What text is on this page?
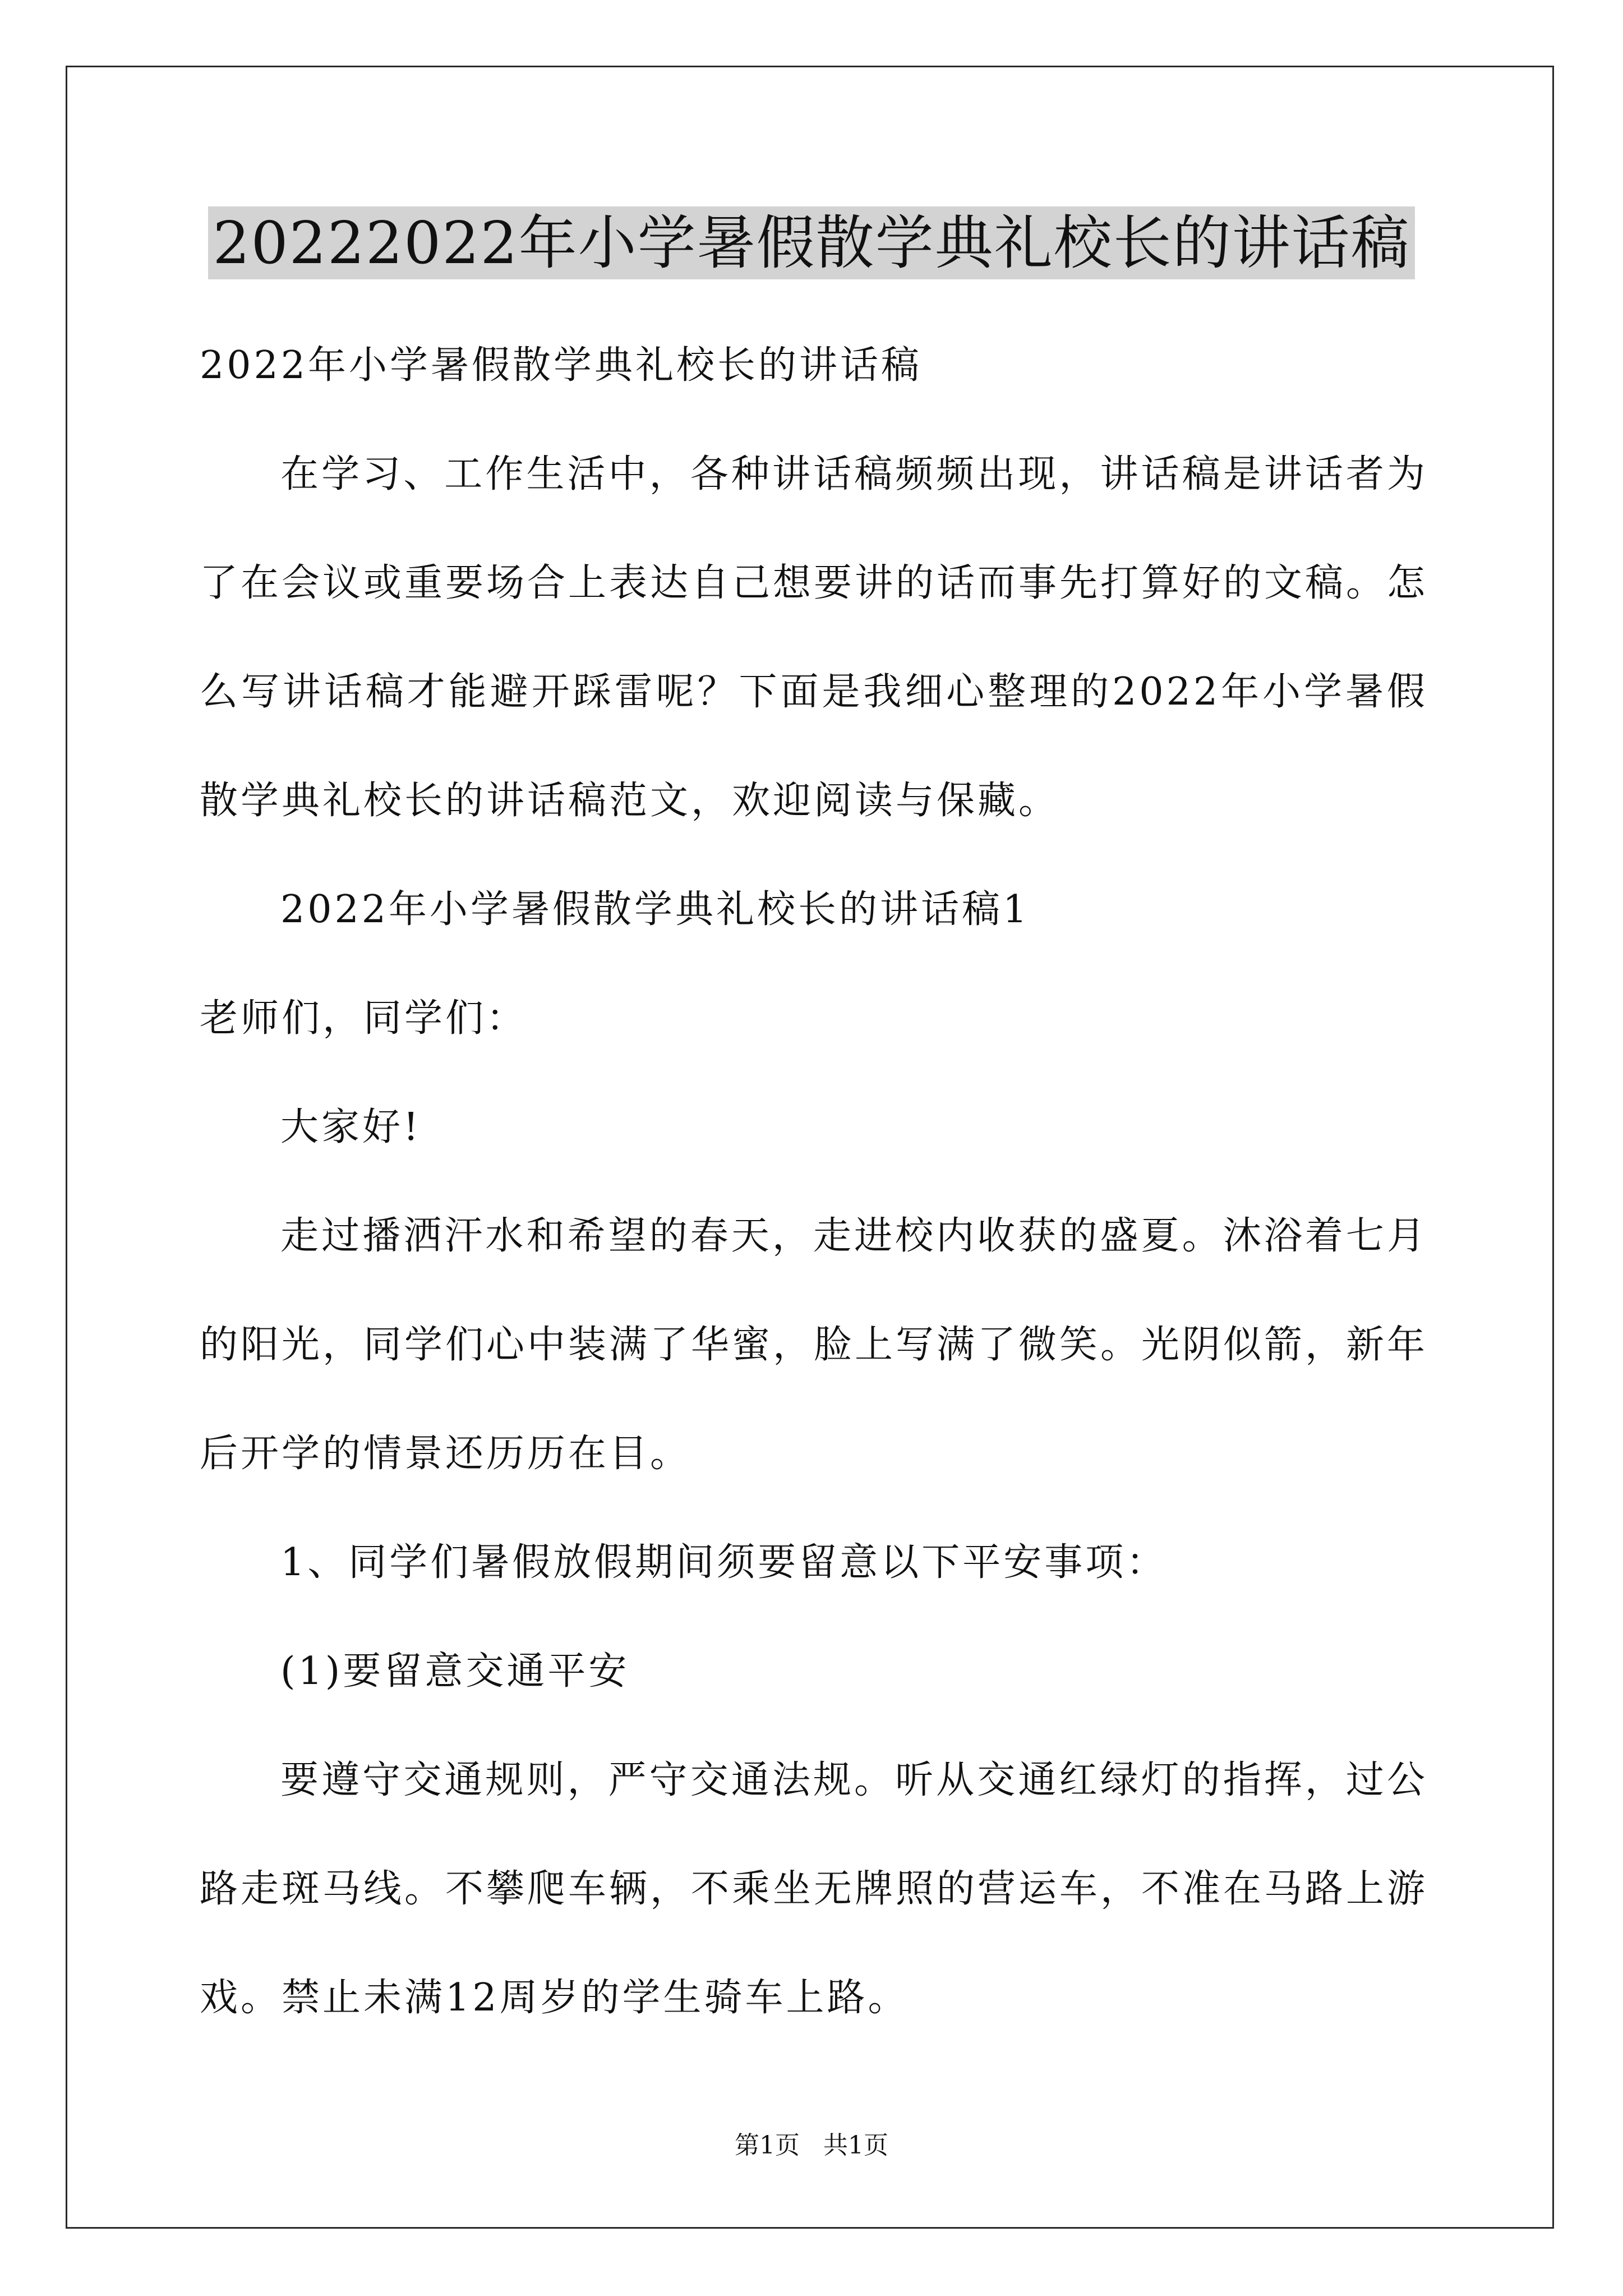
20222022年小学暑假散学典礼校长的讲话稿

2022年小学暑假散学典礼校长的讲话稿

在学习、工作生活中，各种讲话稿频频出现，讲话稿是讲话者为了在会议或重要场合上表达自己想要讲的话而事先打算好的文稿。怎么写讲话稿才能避开踩雷呢？下面是我细心整理的2022年小学暑假散学典礼校长的讲话稿范文，欢迎阅读与保藏。

2022年小学暑假散学典礼校长的讲话稿1

老师们，同学们：

大家好!

走过播洒汗水和希望的春天，走进校内收获的盛夏。沐浴着七月的阳光，同学们心中装满了华蜜，脸上写满了微笑。光阴似箭，新年后开学的情景还历历在目。

1、同学们暑假放假期间须要留意以下平安事项：

(1)要留意交通平安

要遵守交通规则，严守交通法规。听从交通红绿灯的指挥，过公路走斑马线。不攀爬车辆，不乘坐无牌照的营运车，不准在马路上游戏。禁止未满12周岁的学生骑车上路。

第1页 共1页
